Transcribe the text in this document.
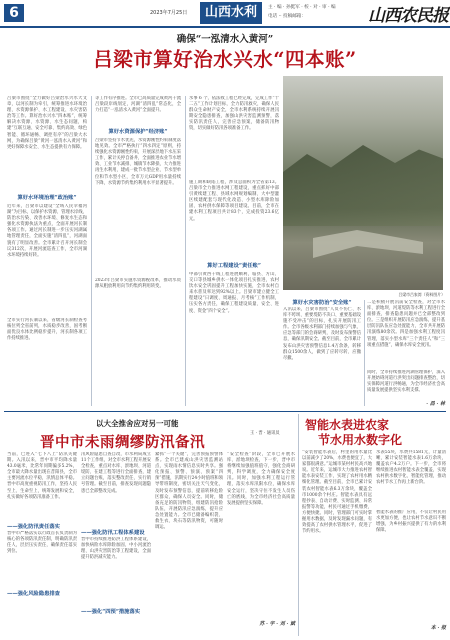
6	2023年7月25日	山西水利	主 · 编 · 孙挺军 · 校 · 对 · 审 · 编
电话 ·· 投稿邮箱：	山西农民报
确保“一泓清水入黄河”
吕梁市算好治水兴水“四本账”
吕梁市围绕“全力做好吕梁治水兴水大文章，以河长制为牵引，统筹推进水环境治理、水资源保护、水工程建设、水灾害防治等工作。算好治水兴水“四本账”，统筹解决水资源、水资源、水生态问题，构建“互联互通、安全可靠、集约高效、绿色智能、循环通畅、调控有序”的吕梁大水网，为确保吕梁“黄河一泓清水入黄河”和更好保障水安全、水生态提供有力保障。
算好水环境治理“政治账”
近年来，吕梁市以建设“全域人民幸福河湖”为目标，以保护水资源、管理水岸线、防治水污染、改善水环境、修复水生态和强化水资源执法为重点，全面开展河长制各项工作。通过河长制进一步压实河湖属地管理责任，全面实施“清四乱”，河湖面貌有了明显改善。全市累计召开河长制会议312次，开展河流巡查工作，全市河湖水环境持续好转。
全市实行河长制以来，省级河长制检查考核位列全省前列，水质稳步改善，国考断面优良水体比例稳步提升，河长制各项工作持续推进。
等工作有序推进。全市已高质量完成黄河干流吕梁段岸线划定，河湖“清四乱”常态化，全力打造“一泓清水入黄河”全面提升。
算好水资源保护“经济账”
吕梁市坚持节水优先，水资源刚性约束制度落地见效。全市严格执行“四水四定”原则，持续强化水资源刚性约束，开展深层地下水压采工作，累计关停自备井，全面推进农业节水增效、工业节水减排、城镇节水降损，大力推进再生水利用，建成一批节水型企业、节水型单位和节水型小区，全市万元GDP用水量持续下降，水资源节约集约利用水平显著提升。
2023年吕梁市实施水资源税改革，推动水资源从粗放利用向节约集约利用转变。
施工期和缺陷工程，涉及总面积为全省第13。吕梁市全力推进水网工程建设，重点抓好中部引黄续建工程、县域水网规划编制、大中型灌区续建配套与现代化改造、小型水库除险加固、农村供水保障等项目建设。目前，全市在建水利工程项目共计83个，完成投资23.6亿元。
算好工程建设“责任账”
中部引黄西干线工程进展顺利，临县、方山、交口等县城乡供水一体化项目扎实推进，农村饮水安全巩固提升工程加快实施，全市农村自来水普及率达到92%以上。吕梁市建立健全工程建设“日调度、周通报、月考核”工作机制，压实各方责任，确保工程建设质量、安全、进度、资金“四个安全”。
吕梁市吕家湾（资料图片）
水事 6 个，依法收工程已经完成，完成工作“十二五”工作计划目标，全力防汛救灾，确保人民群众生命财产安全，全市水利系统持续开展汛期安全隐患排查，加强山洪灾害监测预警，落实防汛责任人，完善应急预案，储备防汛物资，切实做好防汛各项准备工作。
算好水灾害防治“安全账”
入汛以来，吕梁市围绕“人员不伤亡、水库不垮坝、重要堤防不决口、重要基础设施不受冲击”的目标，扎实开展防汛工作。全市各级水利部门持续加强与气象、应急等部门的会商研判，及时发布预警信息，确保汛期安全。截至目前，全市累计发布山洪灾害预警信息1.4万余条，转移群众1500余人，做到了应转尽转、应撤尽撤。
二是积极开展汛前安全检查，对全市水库、淤地坝、河道堤防等水利工程进行全面排查，排查隐患问题并已全部整改到位。三是组织开展防汛应急演练，提升基层防汛队伍应急处置能力，全市共开展防汛演练80余次。四是加强水利工程度汛管理，落实小型水库“三个责任人”和“三项重点措施”，确保水库安全度汛。
同时，全市持续推进河湖管理保护，深入开展妨碍河道行洪突出问题排查整治，切实保障河道行洪畅通，为全市经济社会高质量发展提供坚实水利支撑。
· 昌 · 林
以大全推舍应对另一可能
晋中市未雨绸缪防汛备汛
当前，已进入“七下八上”防汛关键期。入汛以来，晋中市平均降水量43.0毫米，比常年同期偏多5.2%，全市最大降水量出现在昔阳县，全市主要河流水位平稳，汛情总体平稳。晋中市高度重视防汛工作，坚持人民至上、生命至上，统筹发展和安全，扎实做好各项防汛准备工作。
——强化防汛责任落实
晋中市严格落实以行政首长负责制为核心的各项防汛责任制，明确防汛责任人，层层压实责任，确保责任落实到位。
——强化风险隐患排查
汛风险隐患自查自改，市水利局成立11个工作组，对全市水利工程开展安全检查，重点对水库、淤地坝、河道堤防、在建工程等进行全面排查，建立问题台账，落实整改责任，实行销号管理。截至目前，排查发现问题隐患已全部整改完成。
——强化防汛工程体系建设
晋中市持续推进防洪工程体系建设，加快病险水库除险加固、中小河流治理、山洪灾害防治等工程建设，全面提升防洪减灾能力。
——强化“四预”措施落实
紧抓“一个关键”，完善预报预警体系。全市已建成山洪灾害监测站点，实现雨水情信息实时共享。强化预报、预警、预演、预案“四预”措施，汛期实行24小时值班和领导带班制度，密切关注天气变化，及时发布预警信息，提前转移危险区群众，确保人员安全。同时，储备充足的防汛物资，组建防汛抢险队伍，开展防汛应急演练，提升应急处置能力。全市已储备编织袋、救生衣、块石等防汛物资，可随时调运。
“安全检查”阶段，全市已开展水库、淤地坝检查，下一步，晋中市将继续加强值班值守，强化会商研判，科学调度，全力确保安全度汛。同时，加强水利工程运行管理，落实水库汛限水位，确保水库安全运行，坚决守住不发生人员伤亡的底线，为全市经济社会高质量发展提供坚实保障。
苏 · 宇 · 刘 · 斌
王 · 晋 · 通讯员
智能水表进农家
节水用水数字化
“安装智能水表后，村里的用水量比以前减少了20%，水费也便宜了，大家都很满意。”运城市某村村民高兴地说。近年来，运城市大力推进农村智能水表安装工作，实现了农村用水精细化管理。截至目前，全市已累计安装农村智能水表6.3万余块，覆盖全市1000余个村庄。智能水表具有远程抄表、自动计费、实时监测、异常报警等功能，村民可通过手机缴费，方便快捷。同时，管理部门可实时掌握用水数据，及时发现漏水问题，有效提高了农村供水管理水平，促进了节约用水。
水表55块，水费共1581元，计量清晰，累计安装智能水表1.6万余块，覆盖农户4.2万户。下一步，全市将继续推进农村智能水表全覆盖，实现农村供水数字化、智能化管理，推动农村节水工作再上新台阶。
智能水表的推广应用，不仅让村民用水更加方便，也让农村节水意识不断增强，为乡村振兴提供了有力的水利保障。
本 · 报
